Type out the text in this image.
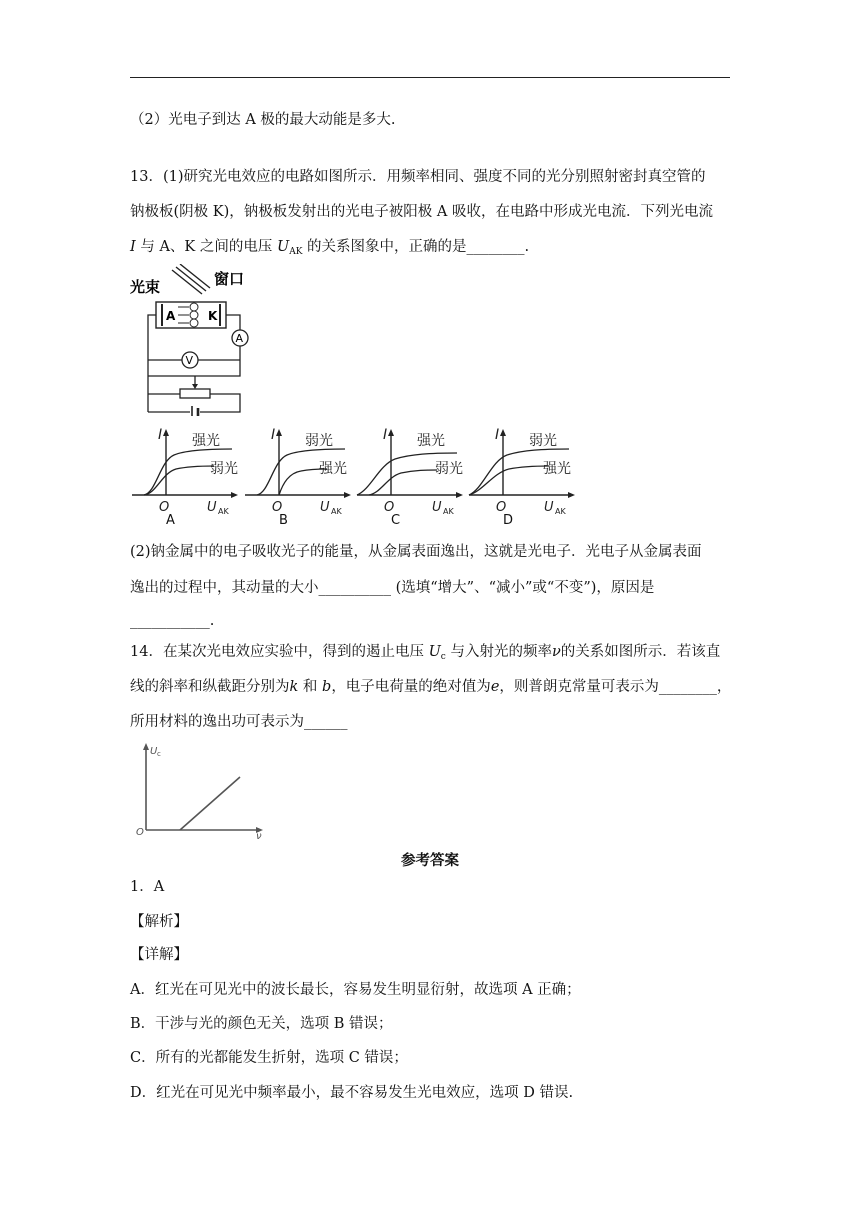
（2）光电子到达 A 极的最大动能是多大.
13．(1)研究光电效应的电路如图所示．用频率相同、强度不同的光分别照射密封真空管的
钠极板(阴极 K)，钠极板发射出的光电子被阳极 A 吸收，在电路中形成光电流．下列光电流
I 与 A、K 之间的电压 $U_{AK}$ 的关系图象中，正确的是________.
光束	窗口
A	K
A
V
I 强光
弱光
O	U AK
A
I 弱光
强光
O	U AK
B
I 强光
弱光
O	U AK
C
I 弱光
强光
O	U AK
D
(2)钠金属中的电子吸收光子的能量，从金属表面逸出，这就是光电子．光电子从金属表面
逸出的过程中，其动量的大小__________ (选填“增大”、“减小”或“不变”)，原因是
___________.
14．在某次光电效应实验中，得到的遏止电压 $U_c$ 与入射光的频率ν的关系如图所示．若该直
线的斜率和纵截距分别为k 和 b，电子电荷量的绝对值为e，则普朗克常量可表示为________，
所用材料的逸出功可表示为______
U c
O	ν
参考答案
1．A
【解析】
【详解】
A．红光在可见光中的波长最长，容易发生明显衍射，故选项 A 正确；
B．干涉与光的颜色无关，选项 B 错误；
C．所有的光都能发生折射，选项 C 错误；
D．红光在可见光中频率最小，最不容易发生光电效应，选项 D 错误.
